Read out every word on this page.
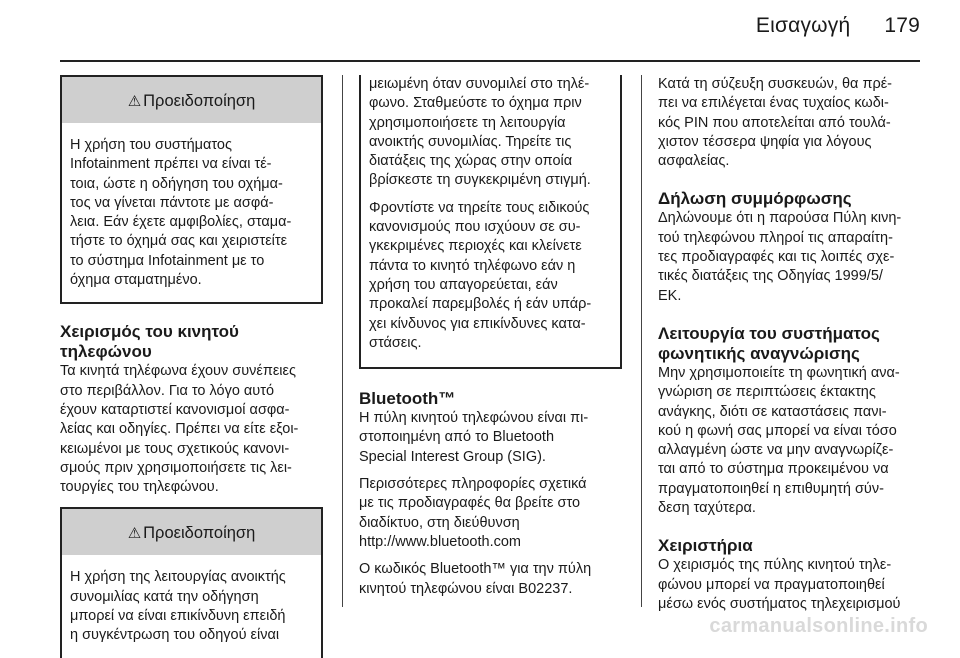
Εισαγωγή 179
⚠ Προειδοποίηση
Η χρήση του συστήματος
Infotainment πρέπει να είναι τέ-
τοια, ώστε η οδήγηση του οχήμα-
τος να γίνεται πάντοτε με ασφά-
λεια. Εάν έχετε αμφιβολίες, σταμα-
τήστε το όχημά σας και χειριστείτε
το σύστημα Infotainment με το
όχημα σταματημένο.
Χειρισμός του κινητού
τηλεφώνου
Τα κινητά τηλέφωνα έχουν συνέπειες
στο περιβάλλον. Για το λόγο αυτό
έχουν καταρτιστεί κανονισμοί ασφα-
λείας και οδηγίες. Πρέπει να είτε εξοι-
κειωμένοι με τους σχετικούς κανονι-
σμούς πριν χρησιμοποιήσετε τις λει-
τουργίες του τηλεφώνου.
⚠ Προειδοποίηση
Η χρήση της λειτουργίας ανοικτής
συνομιλίας κατά την οδήγηση
μπορεί να είναι επικίνδυνη επειδή
η συγκέντρωση του οδηγού είναι

μειωμένη όταν συνομιλεί στο τηλέ-
φωνο. Σταθμεύστε το όχημα πριν
χρησιμοποιήσετε τη λειτουργία
ανοικτής συνομιλίας. Τηρείτε τις
διατάξεις της χώρας στην οποία
βρίσκεστε τη συγκεκριμένη στιγμή.

Φροντίστε να τηρείτε τους ειδικούς
κανονισμούς που ισχύουν σε συ-
γκεκριμένες περιοχές και κλείνετε
πάντα το κινητό τηλέφωνο εάν η
χρήση του απαγορεύεται, εάν
προκαλεί παρεμβολές ή εάν υπάρ-
χει κίνδυνος για επικίνδυνες κατα-
στάσεις.

Bluetooth™

Η πύλη κινητού τηλεφώνου είναι πι-
στοποιημένη από το Bluetooth
Special Interest Group (SIG).

Περισσότερες πληροφορίες σχετικά
με τις προδιαγραφές θα βρείτε στο
διαδίκτυο, στη διεύθυνση
http://www.bluetooth.com

Ο κωδικός Bluetooth™ για την πύλη
κινητού τηλεφώνου είναι B02237.

Κατά τη σύζευξη συσκευών, θα πρέ-
πει να επιλέγεται ένας τυχαίος κωδι-
κός PIN που αποτελείται από τουλά-
χιστον τέσσερα ψηφία για λόγους
ασφαλείας.

Δήλωση συμμόρφωσης

Δηλώνουμε ότι η παρούσα Πύλη κινη-
τού τηλεφώνου πληροί τις απαραίτη-
τες προδιαγραφές και τις λοιπές σχε-
τικές διατάξεις της Οδηγίας 1999/5/
ΕΚ.

Λειτουργία του συστήματος
φωνητικής αναγνώρισης

Μην χρησιμοποιείτε τη φωνητική ανα-
γνώριση σε περιπτώσεις έκτακτης
ανάγκης, διότι σε καταστάσεις πανι-
κού η φωνή σας μπορεί να είναι τόσο
αλλαγμένη ώστε να μην αναγνωρίζε-
ται από το σύστημα προκειμένου να
πραγματοποιηθεί η επιθυμητή σύν-
δεση ταχύτερα.

Χειριστήρια

Ο χειρισμός της πύλης κινητού τηλε-
φώνου μπορεί να πραγματοποιηθεί
μέσω ενός συστήματος τηλεχειρισμού

carmanualsonline.info
